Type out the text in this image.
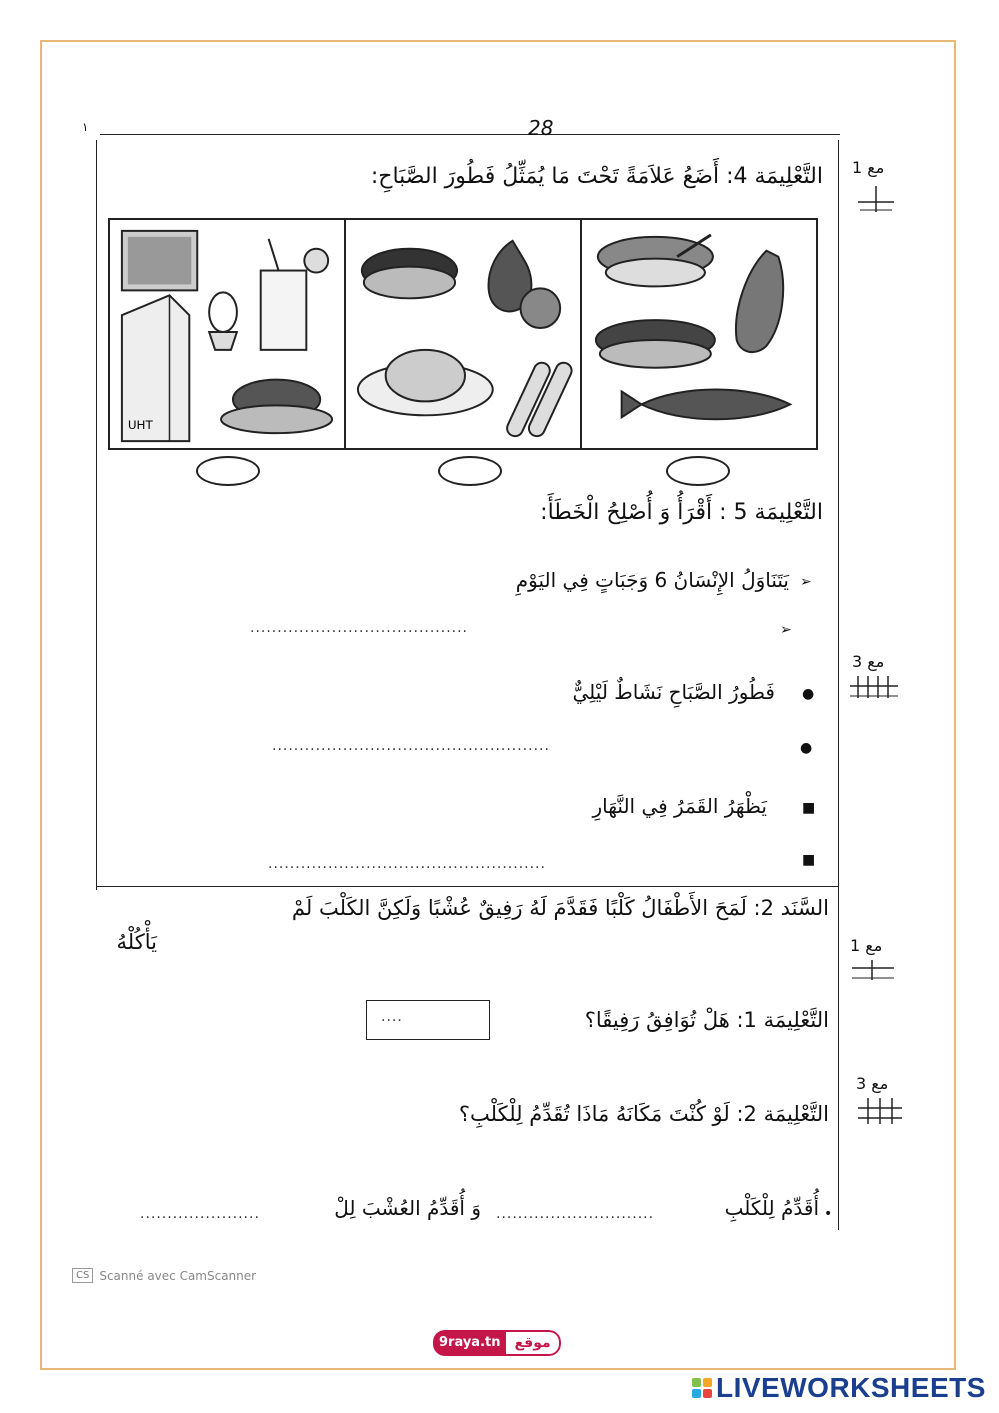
28
١
التَّعْلِيمَة 4: أَضَعُ عَلاَمَةً تَحْتَ مَا يُمَثِّلُ فَطُورَ الصَّبَاحِ: مع 1
UHT
التَّعْلِيمَة 5 : أَقْرَأُ وَ أُصْلِحُ الْخَطَأَ:
مع 3
➢
يَتَنَاوَلُ الإِنْسَانُ 6 وَجَبَاتٍ فِي اليَوْمِ
➢
........................................
●
فَطُورُ الصَّبَاحِ نَشَاطٌ لَيْلِيٌّ
●
...................................................
■
يَظْهَرُ القَمَرُ فِي النَّهَارِ
■
...................................................
السَّنَد 2: لَمَحَ الأَطْفَالُ كَلْبًا فَقَدَّمَ لَهُ رَفِيقٌ عُشْبًا وَلَكِنَّ الكَلْبَ لَمْ
يَأْكُلْهُ
التَّعْلِيمَة 1: هَلْ تُوَافِقُ رَفِيقًا؟
مع 1
....
التَّعْلِيمَة 2: لَوْ كُنْتَ مَكَانَهُ مَاذَا تُقَدِّمُ لِلْكَلْبِ؟
مع 3
•
أُقَدِّمُ لِلْكَلْبِ
.............................
وَ أُقَدِّمُ العُشْبَ لِلْ
......................
CS Scanné avec CamScanner
9raya.tn	موقع
LIVEWORKSHEETS
